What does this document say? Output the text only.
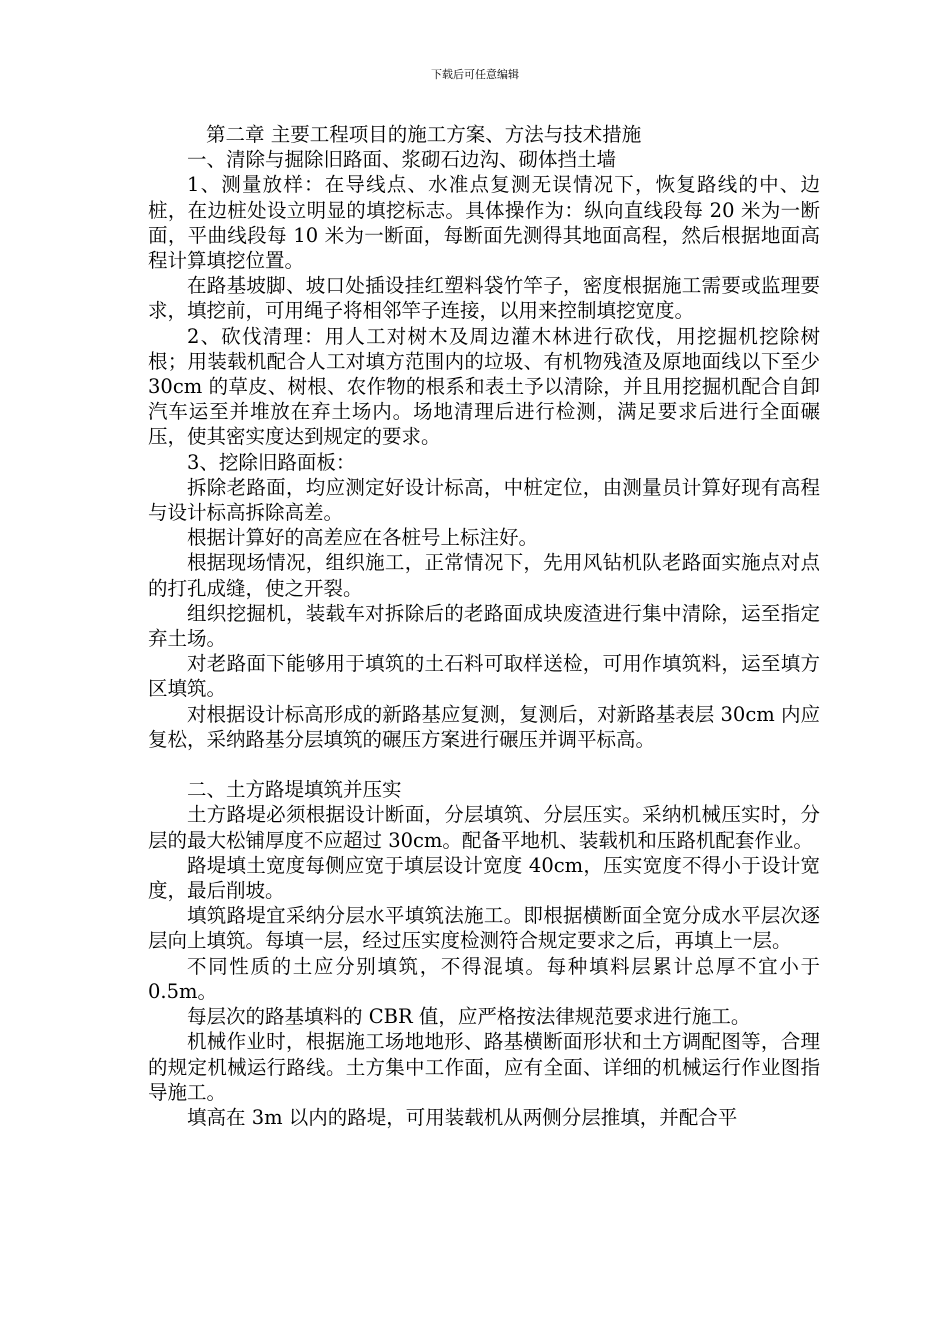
下载后可任意编辑

第二章 主要工程项目的施工方案、方法与技术措施

一、清除与掘除旧路面、浆砌石边沟、砌体挡土墙

1、测量放样：在导线点、水准点复测无误情况下，恢复路线的中、边桩，在边桩处设立明显的填挖标志。具体操作为：纵向直线段每 20 米为一断面，平曲线段每 10 米为一断面，每断面先测得其地面高程，然后根据地面高程计算填挖位置。

在路基坡脚、坡口处插设挂红塑料袋竹竿子，密度根据施工需要或监理要求，填挖前，可用绳子将相邻竿子连接，以用来控制填挖宽度。

2、砍伐清理：用人工对树木及周边灌木林进行砍伐，用挖掘机挖除树根；用装载机配合人工对填方范围内的垃圾、有机物残渣及原地面线以下至少 30cm 的草皮、树根、农作物的根系和表土予以清除，并且用挖掘机配合自卸汽车运至并堆放在弃土场内。场地清理后进行检测，满足要求后进行全面碾压，使其密实度达到规定的要求。

3、挖除旧路面板：

拆除老路面，均应测定好设计标高，中桩定位，由测量员计算好现有高程与设计标高拆除高差。

根据计算好的高差应在各桩号上标注好。

根据现场情况，组织施工，正常情况下，先用风钻机队老路面实施点对点的打孔成缝，使之开裂。

组织挖掘机，装载车对拆除后的老路面成块废渣进行集中清除，运至指定弃土场。

对老路面下能够用于填筑的土石料可取样送检，可用作填筑料，运至填方区填筑。

对根据设计标高形成的新路基应复测，复测后，对新路基表层 30cm 内应复松，采纳路基分层填筑的碾压方案进行碾压并调平标高。

二、土方路堤填筑并压实

土方路堤必须根据设计断面，分层填筑、分层压实。采纳机械压实时，分层的最大松铺厚度不应超过 30cm。配备平地机、装载机和压路机配套作业。

路堤填土宽度每侧应宽于填层设计宽度 40cm，压实宽度不得小于设计宽度，最后削坡。

填筑路堤宜采纳分层水平填筑法施工。即根据横断面全宽分成水平层次逐层向上填筑。每填一层，经过压实度检测符合规定要求之后，再填上一层。

不同性质的土应分别填筑，不得混填。每种填料层累计总厚不宜小于 0.5m。

每层次的路基填料的 CBR 值，应严格按法律规范要求进行施工。

机械作业时，根据施工场地地形、路基横断面形状和土方调配图等，合理的规定机械运行路线。土方集中工作面，应有全面、详细的机械运行作业图指导施工。

填高在 3m 以内的路堤，可用装载机从两侧分层推填，并配合平
